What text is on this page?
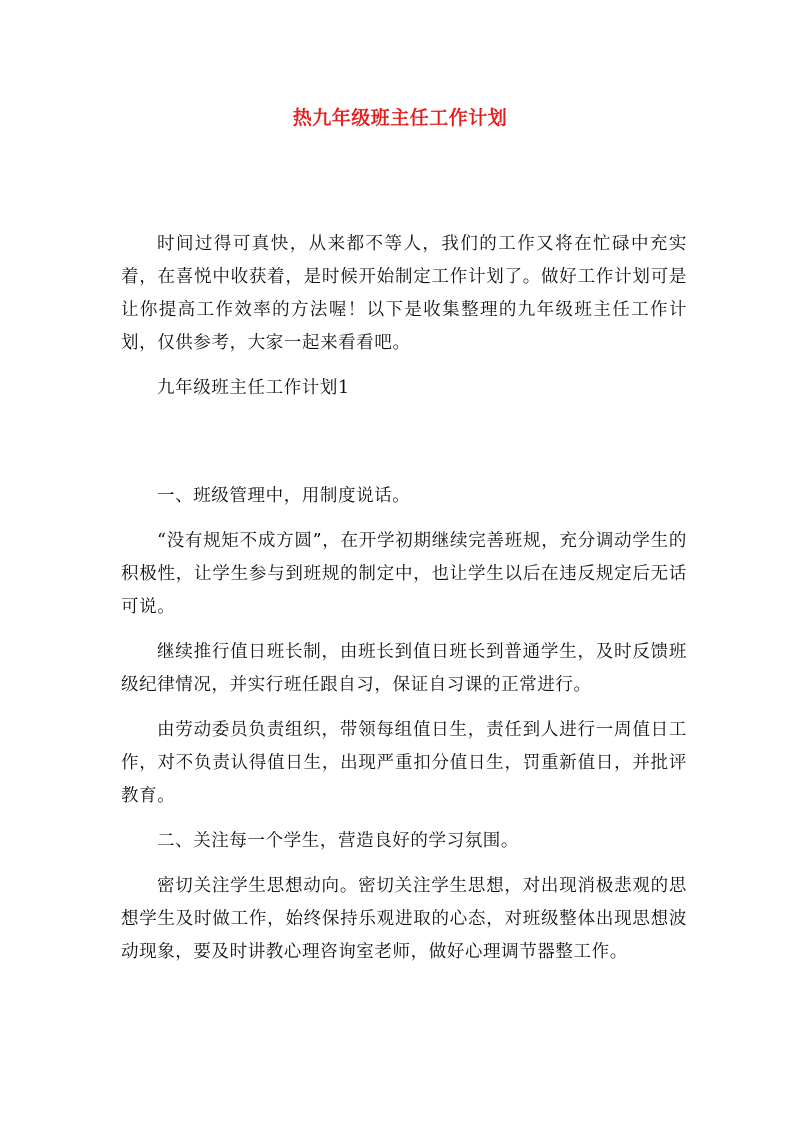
热九年级班主任工作计划

时间过得可真快，从来都不等人，我们的工作又将在忙碌中充实着，在喜悦中收获着，是时候开始制定工作计划了。做好工作计划可是让你提高工作效率的方法喔！以下是收集整理的九年级班主任工作计划，仅供参考，大家一起来看看吧。

九年级班主任工作计划1

一、班级管理中，用制度说话。

“没有规矩不成方圆”，在开学初期继续完善班规，充分调动学生的积极性，让学生参与到班规的制定中，也让学生以后在违反规定后无话可说。

继续推行值日班长制，由班长到值日班长到普通学生，及时反馈班级纪律情况，并实行班任跟自习，保证自习课的正常进行。

由劳动委员负责组织，带领每组值日生，责任到人进行一周值日工作，对不负责认得值日生，出现严重扣分值日生，罚重新值日，并批评教育。

二、关注每一个学生，营造良好的学习氛围。

密切关注学生思想动向。密切关注学生思想，对出现消极悲观的思想学生及时做工作，始终保持乐观进取的心态，对班级整体出现思想波动现象，要及时讲教心理咨询室老师，做好心理调节器整工作。
